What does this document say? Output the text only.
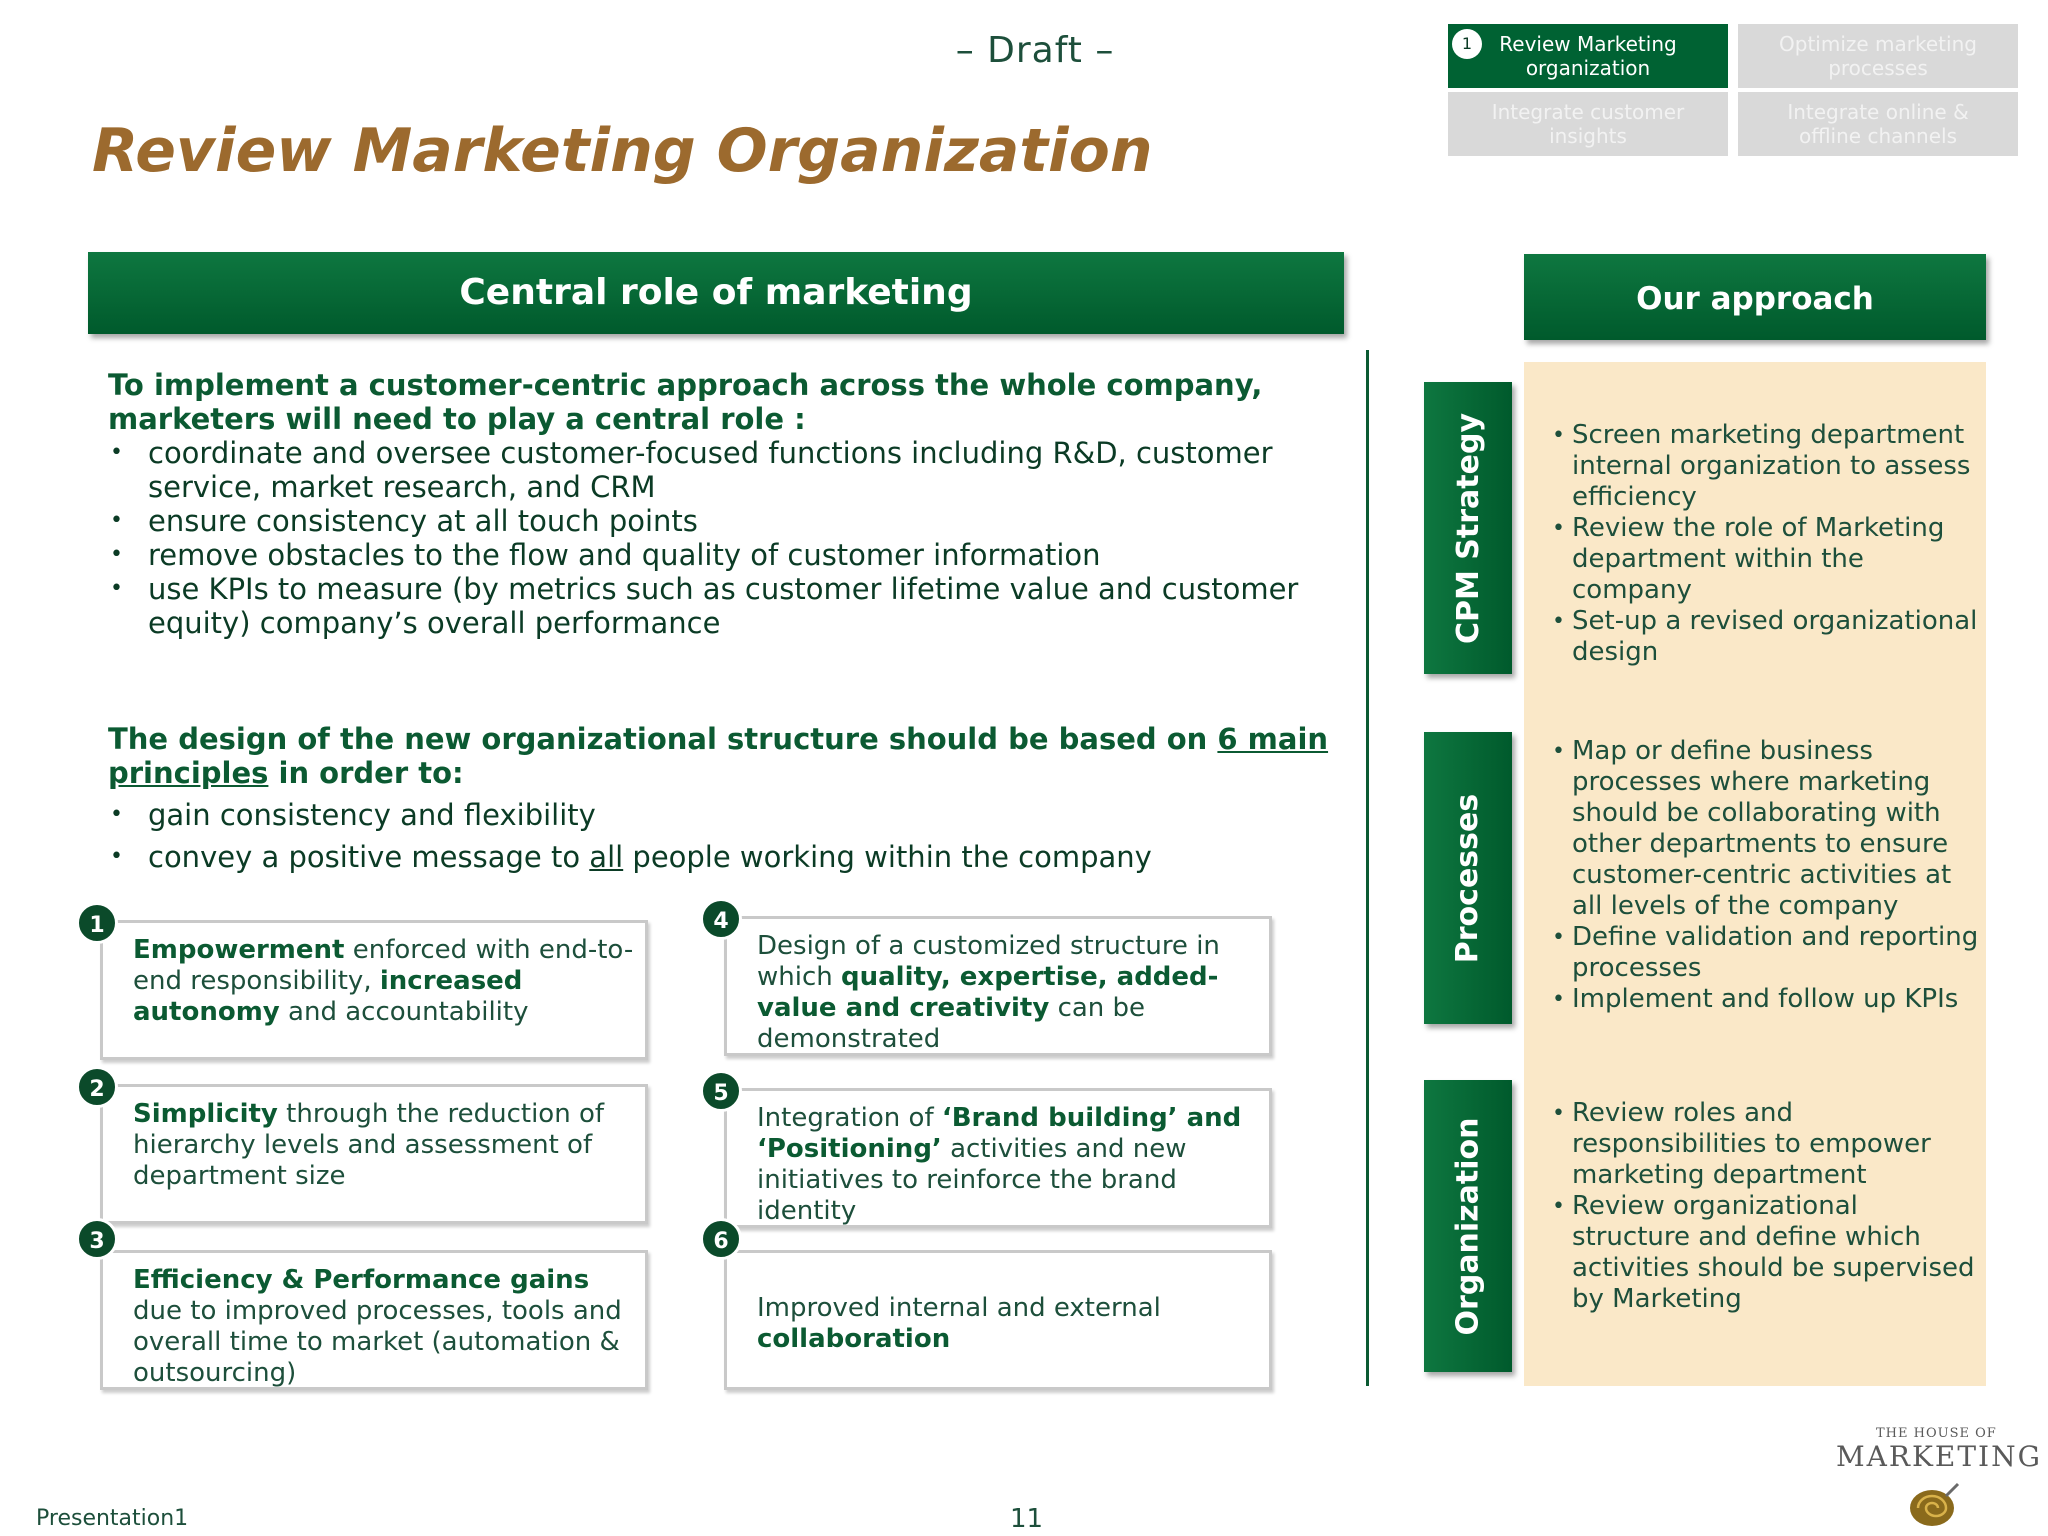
– Draft –
Review Marketing Organization
Review Marketing organization
1	Optimize marketing processes
Integrate customer insights
Integrate online & offline channels
Central role of marketing
To implement a customer-centric approach across the whole company, marketers will need to play a central role :
• coordinate and oversee customer-focused functions including R&D, customer service, market research, and CRM
• ensure consistency at all touch points
• remove obstacles to the flow and quality of customer information
• use KPIs to measure (by metrics such as customer lifetime value and customer equity) company’s overall performance
The design of the new organizational structure should be based on 6 main principles in order to:
• gain consistency and flexibility
• convey a positive message to all people working within the company
Empowerment enforced with end-to-end responsibility, increased autonomy and accountability
1
Simplicity through the reduction of hierarchy levels and assessment of department size
2
Efficiency & Performance gains due to improved processes, tools and overall time to market (automation & outsourcing)
3
Design of a customized structure in which quality, expertise, added-value and creativity can be demonstrated
4
Integration of ‘Brand building’ and ‘Positioning’ activities and new initiatives to reinforce the brand identity
5
Improved internal and external collaboration
6
Our approach
CPM Strategy
Processes
Organization
• Screen marketing department internal organization to assess efficiency
• Review the role of Marketing department within the company
• Set-up a revised organizational design
• Map or define business processes where marketing should be collaborating with other departments to ensure customer-centric activities at all levels of the company
• Define validation and reporting processes
• Implement and follow up KPIs
• Review roles and responsibilities to empower marketing department
• Review organizational structure and define which activities should be supervised by Marketing
Presentation1	11
THE HOUSE OF
MARKETING
